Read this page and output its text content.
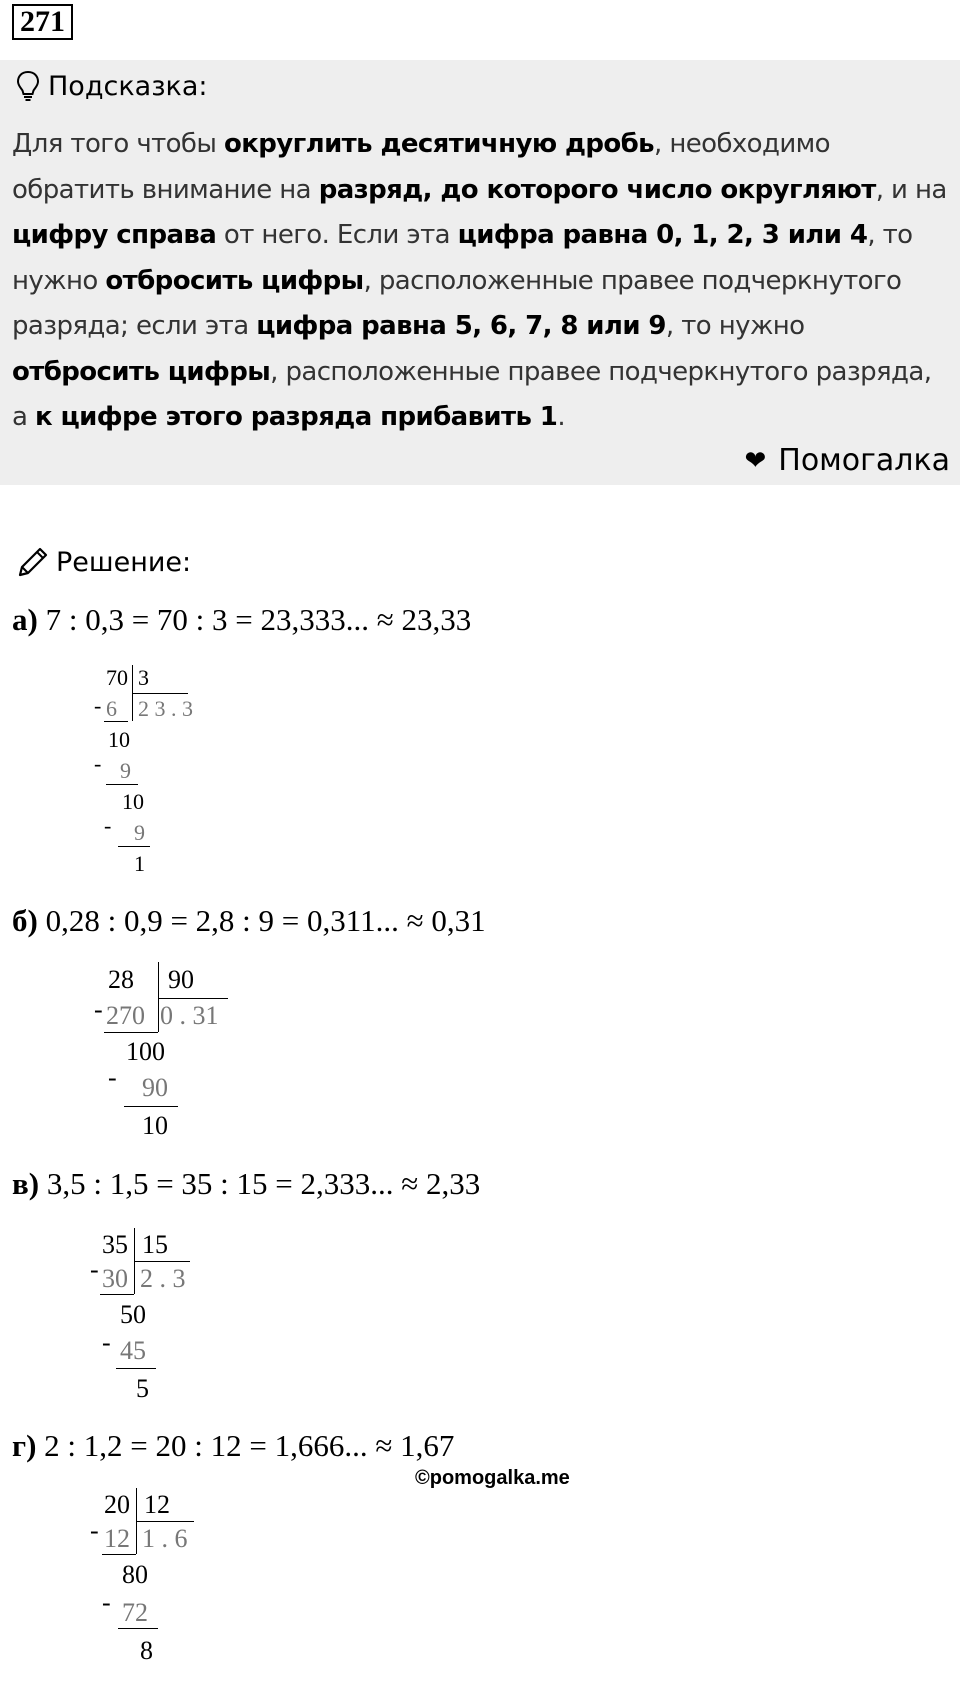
271
Подсказка:
Для того чтобы округлить десятичную дробь, необходимо обратить внимание на разряд, до которого число округляют, и на цифру справа от него. Если эта цифра равна 0, 1, 2, 3 или 4, то нужно отбросить цифры, расположенные правее подчеркнутого разряда; если эта цифра равна 5, 6, 7, 8 или 9, то нужно отбросить цифры, расположенные правее подчеркнутого разряда, а к цифре этого разряда прибавить 1.
❤ Помогалка
Решение:
а) 7 : 0,3 = 70 : 3 = 23,333... ≈ 23,33
70 3
- 6 2 3 . 3
10
- 9
10
- 9
1
б) 0,28 : 0,9 = 2,8 : 9 = 0,311... ≈ 0,31
28 90
- 270 0 . 31
100
- 90
10
в) 3,5 : 1,5 = 35 : 15 = 2,333... ≈ 2,33
35 15
- 30 2 . 3
50
- 45
5
г) 2 : 1,2 = 20 : 12 = 1,666... ≈ 1,67
©pomogalka.me
20 12
- 12 1 . 6
80
- 72
8
